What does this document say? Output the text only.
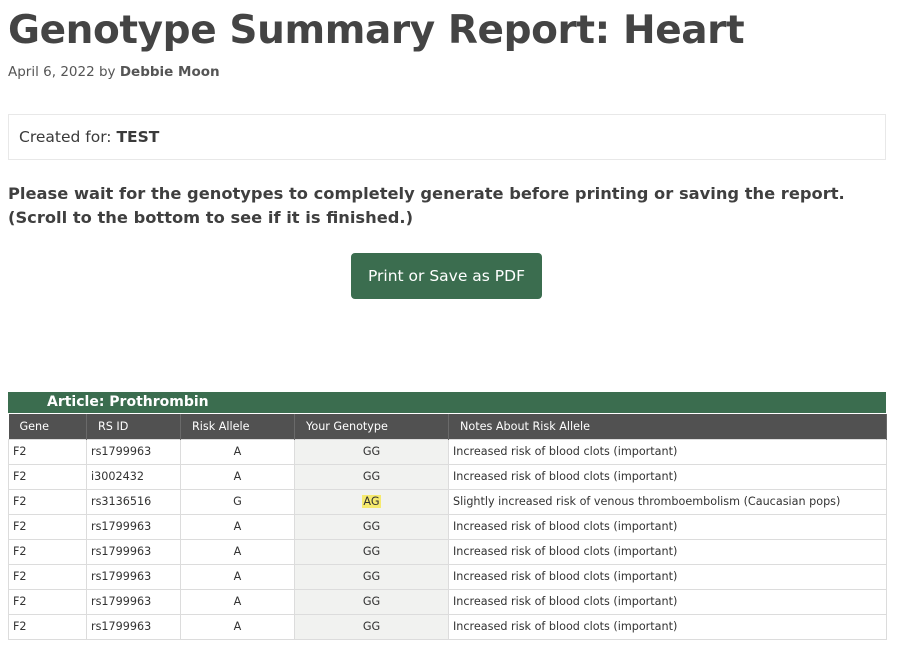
Genotype Summary Report: Heart
April 6, 2022 by Debbie Moon
Created for: TEST

Please wait for the genotypes to completely generate before printing or saving the report. (Scroll to the bottom to see if it is finished.)

Print or Save as PDF
Article: Prothrombin
Gene	RS ID	Risk Allele	Your Genotype	Notes About Risk Allele
F2	rs1799963	A	GG	Increased risk of blood clots (important)
F2	i3002432	A	GG	Increased risk of blood clots (important)
F2	rs3136516	G	AG	Slightly increased risk of venous thromboembolism (Caucasian pops)
F2	rs1799963	A	GG	Increased risk of blood clots (important)
F2	rs1799963	A	GG	Increased risk of blood clots (important)
F2	rs1799963	A	GG	Increased risk of blood clots (important)
F2	rs1799963	A	GG	Increased risk of blood clots (important)
F2	rs1799963	A	GG	Increased risk of blood clots (important)
